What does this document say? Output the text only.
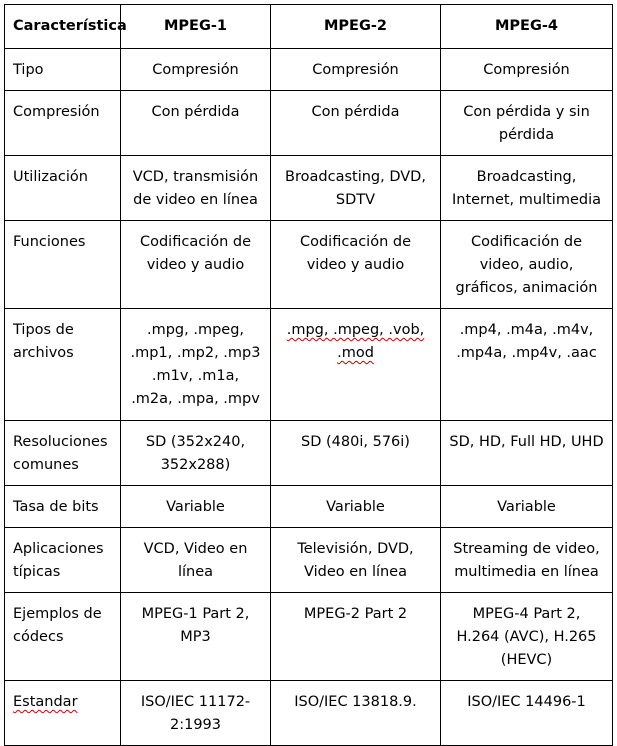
Característica	MPEG-1	MPEG-2	MPEG-4
Tipo	Compresión	Compresión	Compresión
Compresión	Con pérdida	Con pérdida	Con pérdida y sin pérdida
Utilización	VCD, transmisión de video en línea	Broadcasting, DVD, SDTV	Broadcasting, Internet, multimedia
Funciones	Codificación de video y audio	Codificación de video y audio	Codificación de video, audio, gráficos, animación
Tipos de archivos	.mpg, .mpeg, .mp1, .mp2, .mp3 .m1v, .m1a, .m2a, .mpa, .mpv	.mpg, .mpeg, .vob, .mod	.mp4, .m4a, .m4v, .mp4a, .mp4v, .aac
Resoluciones comunes	SD (352x240, 352x288)	SD (480i, 576i)	SD, HD, Full HD, UHD
Tasa de bits	Variable	Variable	Variable
Aplicaciones típicas	VCD, Video en línea	Televisión, DVD, Video en línea	Streaming de video, multimedia en línea
Ejemplos de códecs	MPEG-1 Part 2, MP3	MPEG-2 Part 2	MPEG-4 Part 2, H.264 (AVC), H.265 (HEVC)
Estandar	ISO/IEC 11172-2:1993	ISO/IEC 13818.9.	ISO/IEC 14496-1
